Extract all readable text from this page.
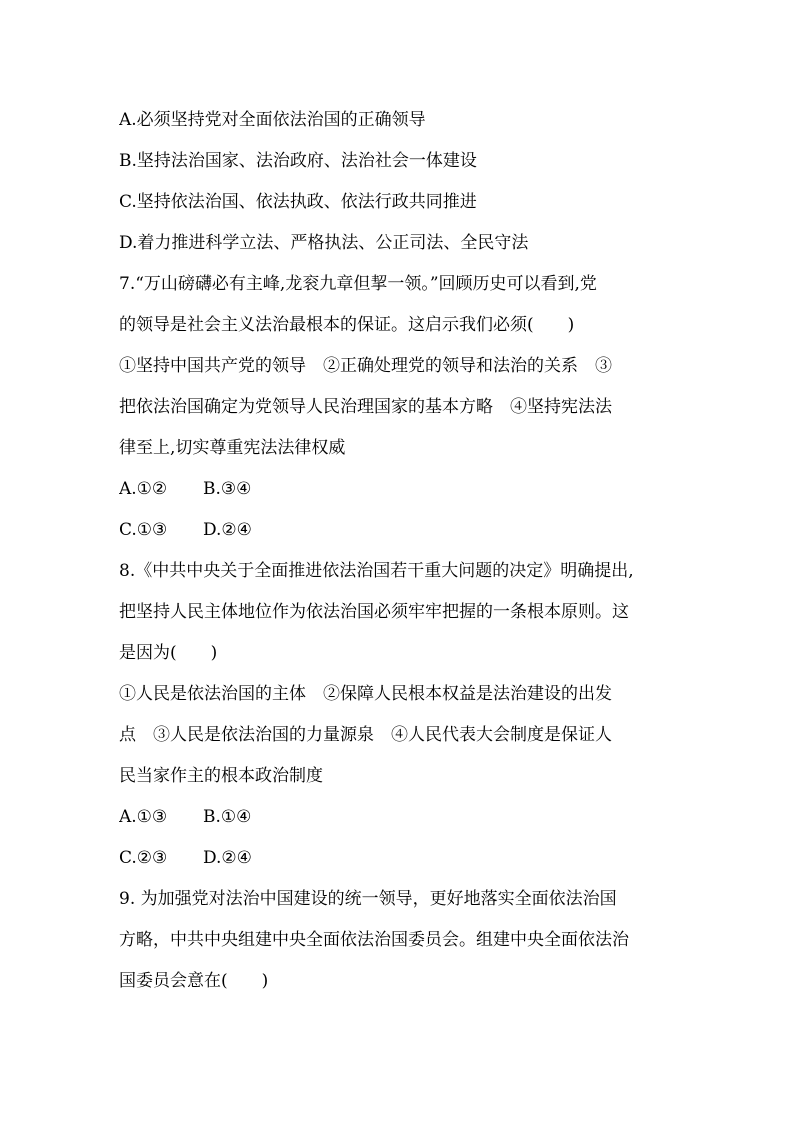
A.必须坚持党对全面依法治国的正确领导
B.坚持法治国家、法治政府、法治社会一体建设
C.坚持依法治国、依法执政、依法行政共同推进
D.着力推进科学立法、严格执法、公正司法、全民守法
7.“万山磅礴必有主峰,龙衮九章但挈一领。”回顾历史可以看到,党
的领导是社会主义法治最根本的保证。这启示我们必须(　　)
①坚持中国共产党的领导　②正确处理党的领导和法治的关系　③
把依法治国确定为党领导人民治理国家的基本方略　④坚持宪法法
律至上,切实尊重宪法法律权威
A.①② B.③④
C.①③ D.②④
8.《中共中央关于全面推进依法治国若干重大问题的决定》明确提出,
把坚持人民主体地位作为依法治国必须牢牢把握的一条根本原则。这
是因为(　　)
①人民是依法治国的主体　②保障人民根本权益是法治建设的出发
点　③人民是依法治国的力量源泉　④人民代表大会制度是保证人
民当家作主的根本政治制度
A.①③ B.①④
C.②③ D.②④
9. 为加强党对法治中国建设的统一领导，更好地落实全面依法治国
方略，中共中央组建中央全面依法治国委员会。组建中央全面依法治
国委员会意在(　　)
